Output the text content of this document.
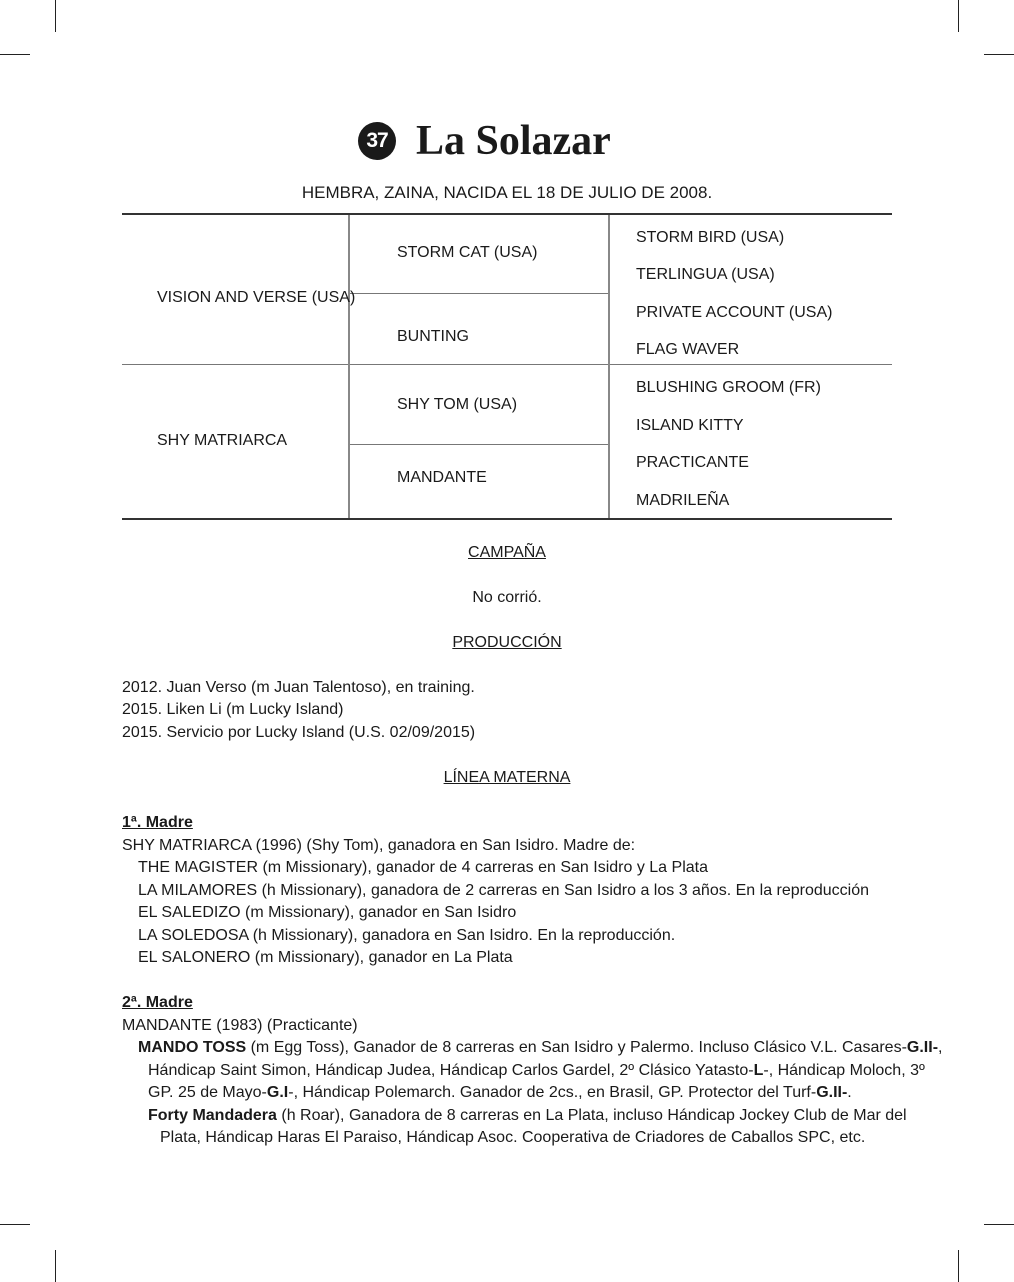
37 La Solazar
HEMBRA, ZAINA, NACIDA EL 18 DE JULIO DE 2008.
VISION AND VERSE (USA)
SHY MATRIARCA
STORM CAT (USA)
BUNTING
SHY TOM (USA)
MANDANTE
STORM BIRD (USA)
TERLINGUA (USA)
PRIVATE ACCOUNT (USA)
FLAG WAVER
BLUSHING GROOM (FR)
ISLAND KITTY
PRACTICANTE
MADRILEÑA
CAMPAÑA
No corrió.
PRODUCCIÓN
2012. Juan Verso (m Juan Talentoso), en training.
2015. Liken Li (m Lucky Island)
2015. Servicio por Lucky Island (U.S. 02/09/2015)
LÍNEA MATERNA
1ª. Madre
SHY MATRIARCA (1996) (Shy Tom), ganadora en San Isidro. Madre de:
THE MAGISTER (m Missionary), ganador de 4 carreras en San Isidro y La Plata
LA MILAMORES (h Missionary), ganadora de 2 carreras en San Isidro a los 3 años. En la reproducción
EL SALEDIZO (m Missionary), ganador en San Isidro
LA SOLEDOSA (h Missionary), ganadora en San Isidro. En la reproducción.
EL SALONERO (m Missionary), ganador en La Plata
2ª. Madre
MANDANTE (1983) (Practicante)
MANDO TOSS (m Egg Toss), Ganador de 8 carreras en San Isidro y Palermo. Incluso Clásico V.L. Casares-G.II-,
Hándicap Saint Simon, Hándicap Judea, Hándicap Carlos Gardel, 2º Clásico Yatasto-L-, Hándicap Moloch, 3º
GP. 25 de Mayo-G.I-, Hándicap Polemarch. Ganador de 2cs., en Brasil, GP. Protector del Turf-G.II-.
Forty Mandadera (h Roar), Ganadora de 8 carreras en La Plata, incluso Hándicap Jockey Club de Mar del
Plata, Hándicap Haras El Paraiso, Hándicap Asoc. Cooperativa de Criadores de Caballos SPC, etc.
